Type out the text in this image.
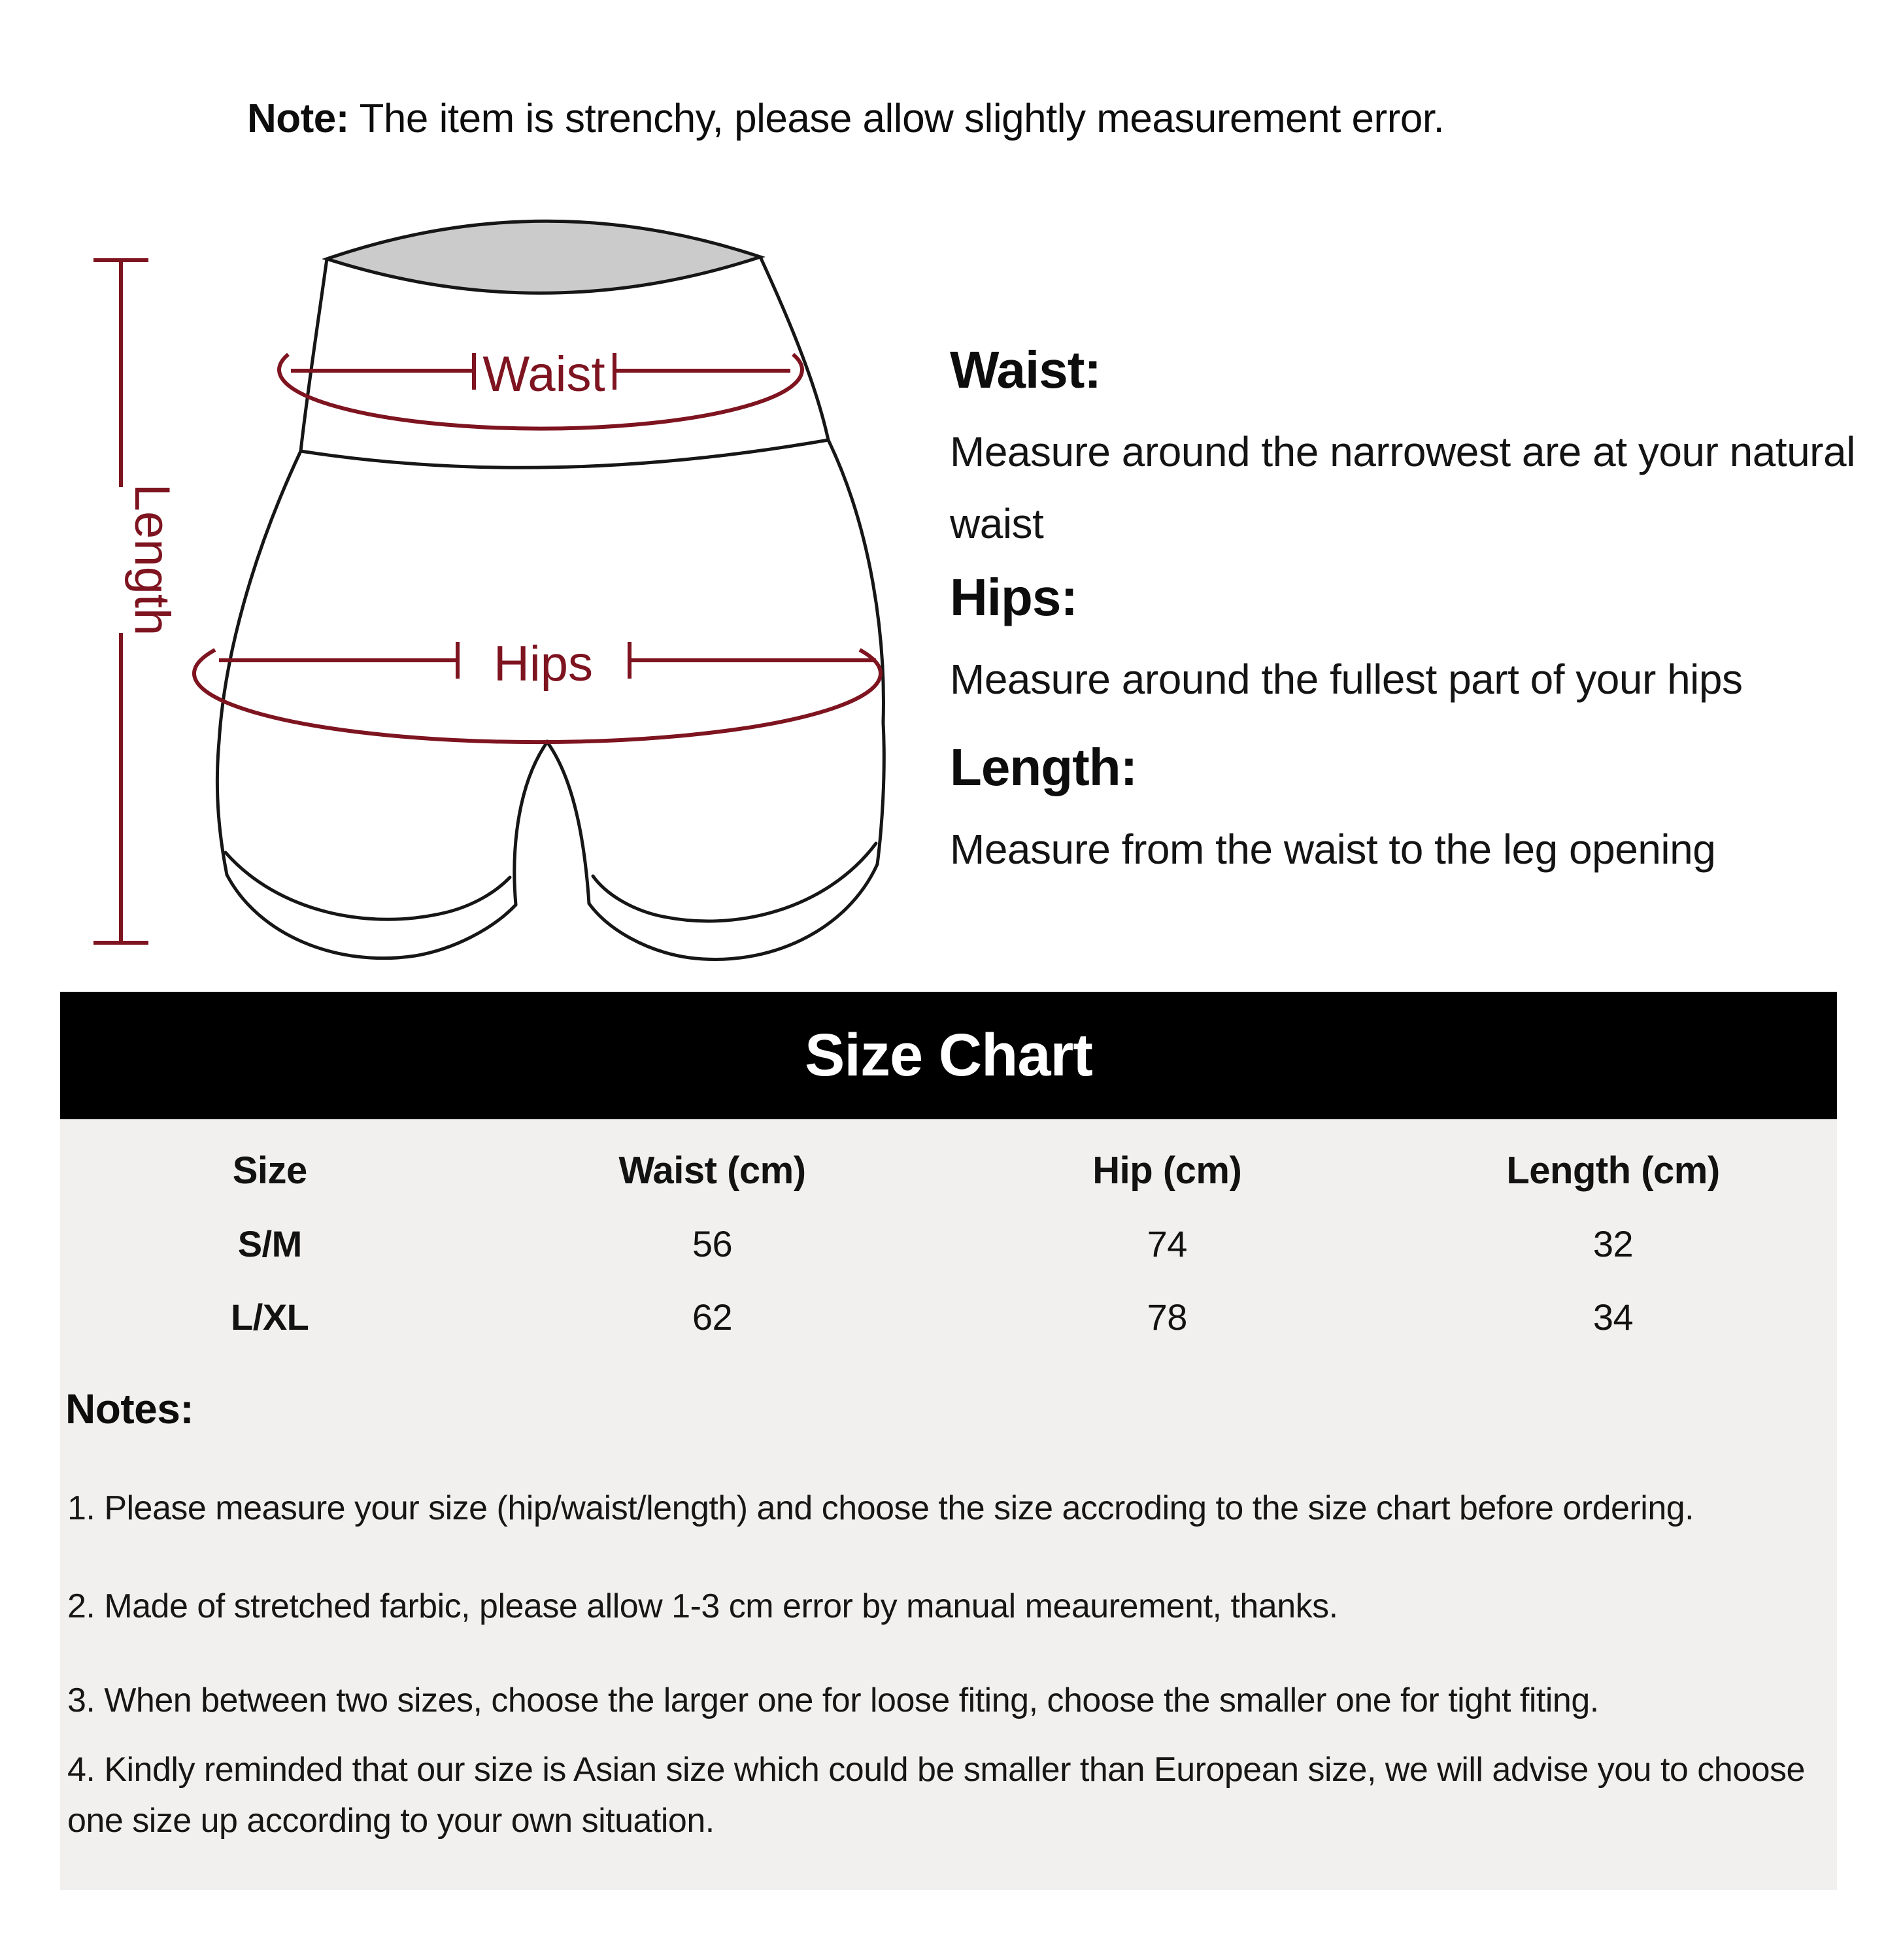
Note: The item is strenchy, please allow slightly measurement error.
Waist
Hips
Length
Waist:

Measure around the narrowest are at your natural waist

Hips:

Measure around the fullest part of your hips

Length:

Measure from the waist to the leg opening

Size Chart
Size	Waist (cm)	Hip (cm)	Length (cm)
S/M	56	74	32
L/XL	62	78	34
Notes:
1. Please measure your size (hip/waist/length) and choose the size accroding to the size chart before ordering.
2. Made of stretched farbic, please allow 1-3 cm error by manual meaurement, thanks.
3. When between two sizes, choose the larger one for loose fiting, choose the smaller one for tight fiting.
4. Kindly reminded that our size is Asian size which could be smaller than European size, we will advise you to choose one size up according to your own situation.
